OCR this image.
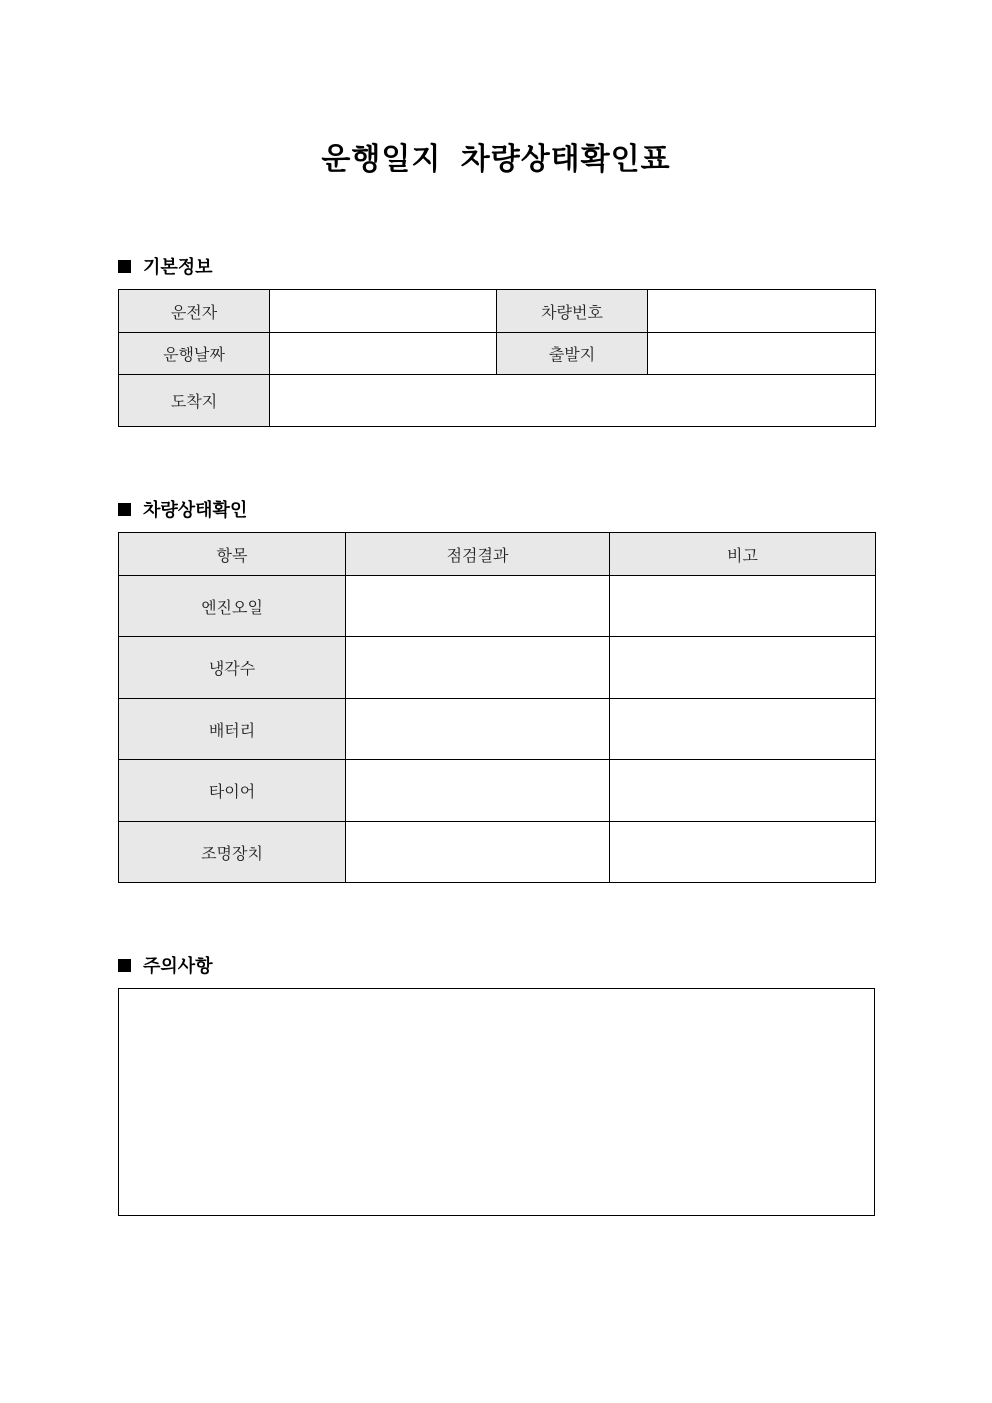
운행일지 차량상태확인표
기본정보
운전자		차량번호	
운행날짜		출발지	
도착지			
차량상태확인
항목	점검결과	비고
엔진오일		
냉각수		
배터리		
타이어		
조명장치		
주의사항
